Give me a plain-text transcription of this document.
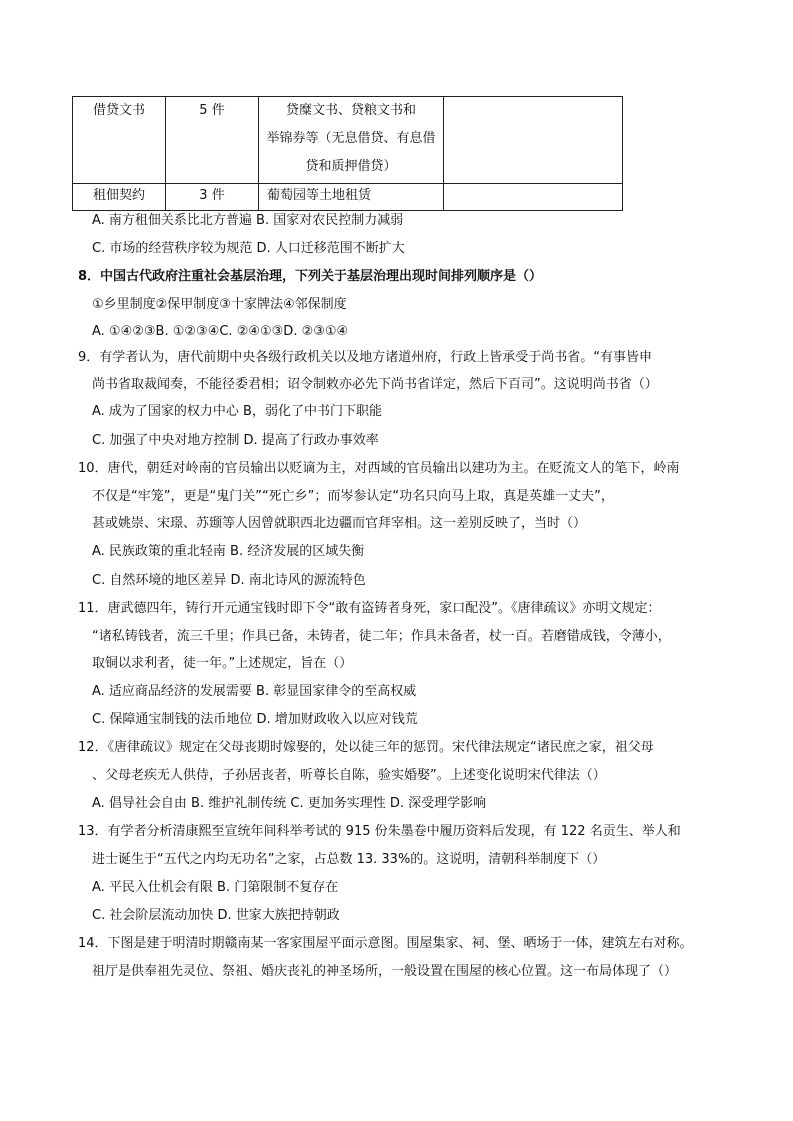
借贷文书	5 件	贷糜文书、贷粮文书和
举锦券等（无息借贷、有息借
贷和质押借贷）	

租佃契约	3 件	葡萄园等土地租赁	

A. 南方租佃关系比北方普遍 B. 国家对农民控制力减弱
C. 市场的经营秩序较为规范 D. 人口迁移范围不断扩大
8．中国古代政府注重社会基层治理，下列关于基层治理出现时间排列顺序是（）
①乡里制度②保甲制度③十家牌法④邻保制度
A. ①④②③B. ①②③④C. ②④①③D. ②③①④
9．有学者认为，唐代前期中央各级行政机关以及地方诸道州府，行政上皆承受于尚书省。“有事皆申
尚书省取裁闻奏，不能径委君相；诏令制敕亦必先下尚书省详定，然后下百司”。这说明尚书省（）
A. 成为了国家的权力中心 B，弱化了中书门下职能
C. 加强了中央对地方控制 D. 提高了行政办事效率
10．唐代，朝廷对岭南的官员输出以贬谪为主，对西域的官员输出以建功为主。在贬流文人的笔下，岭南
不仅是“牢笼”，更是“鬼门关”“死亡乡”；而岑参认定“功名只向马上取，真是英雄一丈夫”，
甚或姚崇、宋璟、苏颋等人因曾就职西北边疆而官拜宰相。这一差别反映了，当时（）
A. 民族政策的重北轻南 B. 经济发展的区域失衡
C. 自然环境的地区差异 D. 南北诗风的源流特色
11．唐武德四年，铸行开元通宝钱时即下令“敢有盗铸者身死，家口配没”。《唐律疏议》亦明文规定：
“诸私铸钱者，流三千里；作具已备，未铸者，徒二年；作具未备者，杖一百。若磨错成钱，令薄小，
取铜以求利者，徒一年。”上述规定，旨在（）
A. 适应商品经济的发展需要 B. 彰显国家律令的至高权威
C. 保障通宝制钱的法币地位 D. 增加财政收入以应对钱荒
12．《唐律疏议》规定在父母丧期时嫁娶的，处以徒三年的惩罚。宋代律法规定“诸民庶之家，祖父母
、父母老疾无人供侍，子孙居丧者，听尊长自陈，验实婚娶”。上述变化说明宋代律法（）
A. 倡导社会自由 B. 维护礼制传统 C. 更加务实理性 D. 深受理学影响
13．有学者分析清康熙至宣统年间科举考试的 915 份朱墨卷中履历资料后发现，有 122 名贡生、举人和
进士诞生于“五代之内均无功名”之家，占总数 13. 33%的。这说明，清朝科举制度下（）
A. 平民入仕机会有限 B. 门第限制不复存在
C. 社会阶层流动加快 D. 世家大族把持朝政
14．下图是建于明清时期赣南某一客家围屋平面示意图。围屋集家、祠、堡、晒场于一体，建筑左右对称。
祖厅是供奉祖先灵位、祭祖、婚庆丧礼的神圣场所，一般设置在围屋的核心位置。这一布局体现了（）
